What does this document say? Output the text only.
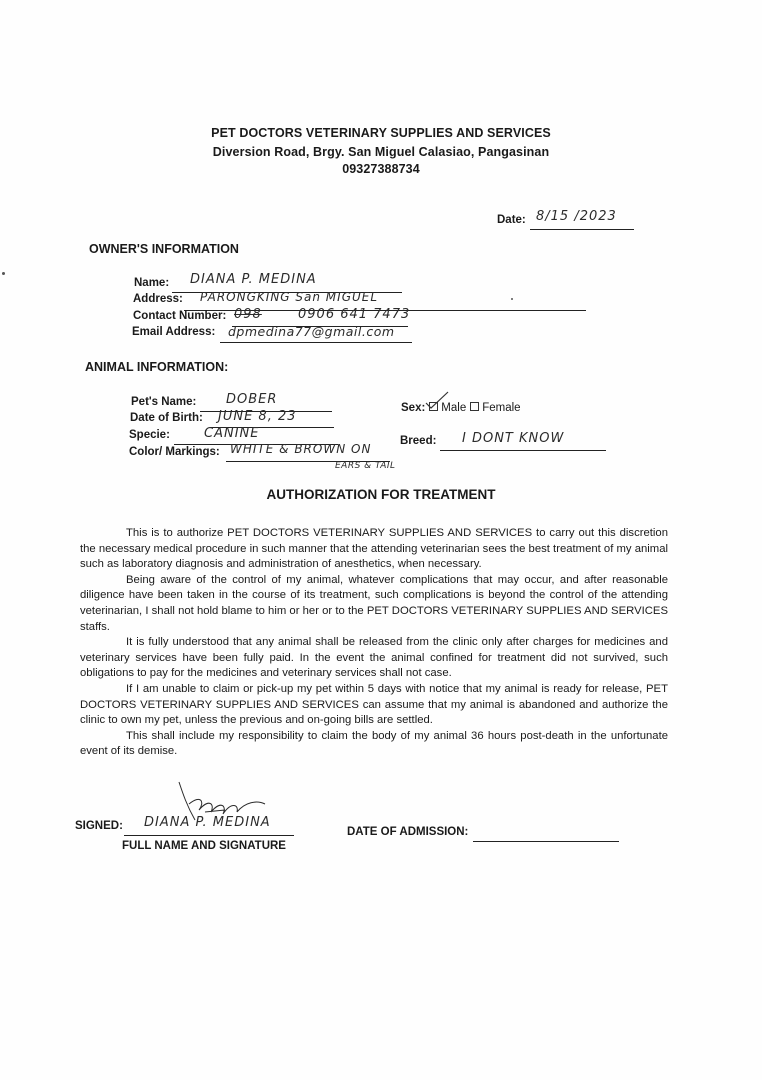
PET DOCTORS VETERINARY SUPPLIES AND SERVICES
Diversion Road, Brgy. San Miguel Calasiao, Pangasinan
09327388734
Date: 8/15 /2023
OWNER'S INFORMATION
Name: DIANA P. MEDINA
Address: PARONGKING San MIGUEL
Contact Number: 098	0906 641 7473
Email Address: dpmedina77@gmail.com
ANIMAL INFORMATION:
Pet's Name: DOBER
Date of Birth: JUNE 8, 23
Specie:	CANINE
Color/ Markings: WHITE & BROWN ON
EARS & TAIL
Sex: Male Female
Breed: I DONT KNOW
AUTHORIZATION FOR TREATMENT

This is to authorize PET DOCTORS VETERINARY SUPPLIES AND SERVICES to carry out this discretion the necessary medical procedure in such manner that the attending veterinarian sees the best treatment of my animal such as laboratory diagnosis and administration of anesthetics, when necessary.

Being aware of the control of my animal, whatever complications that may occur, and after reasonable diligence have been taken in the course of its treatment, such complications is beyond the control of the attending veterinarian, I shall not hold blame to him or her or to the PET DOCTORS VETERINARY SUPPLIES AND SERVICES staffs.

It is fully understood that any animal shall be released from the clinic only after charges for medicines and veterinary services have been fully paid. In the event the animal confined for treatment did not survived, such obligations to pay for the medicines and veterinary services shall not case.

If I am unable to claim or pick-up my pet within 5 days with notice that my animal is ready for release, PET DOCTORS VETERINARY SUPPLIES AND SERVICES can assume that my animal is abandoned and authorize the clinic to own my pet, unless the previous and on-going bills are settled.

This shall include my responsibility to claim the body of my animal 36 hours post-death in the unfortunate event of its demise.

SIGNED: DIANA P. MEDINA
FULL NAME AND SIGNATURE
DATE OF ADMISSION:
